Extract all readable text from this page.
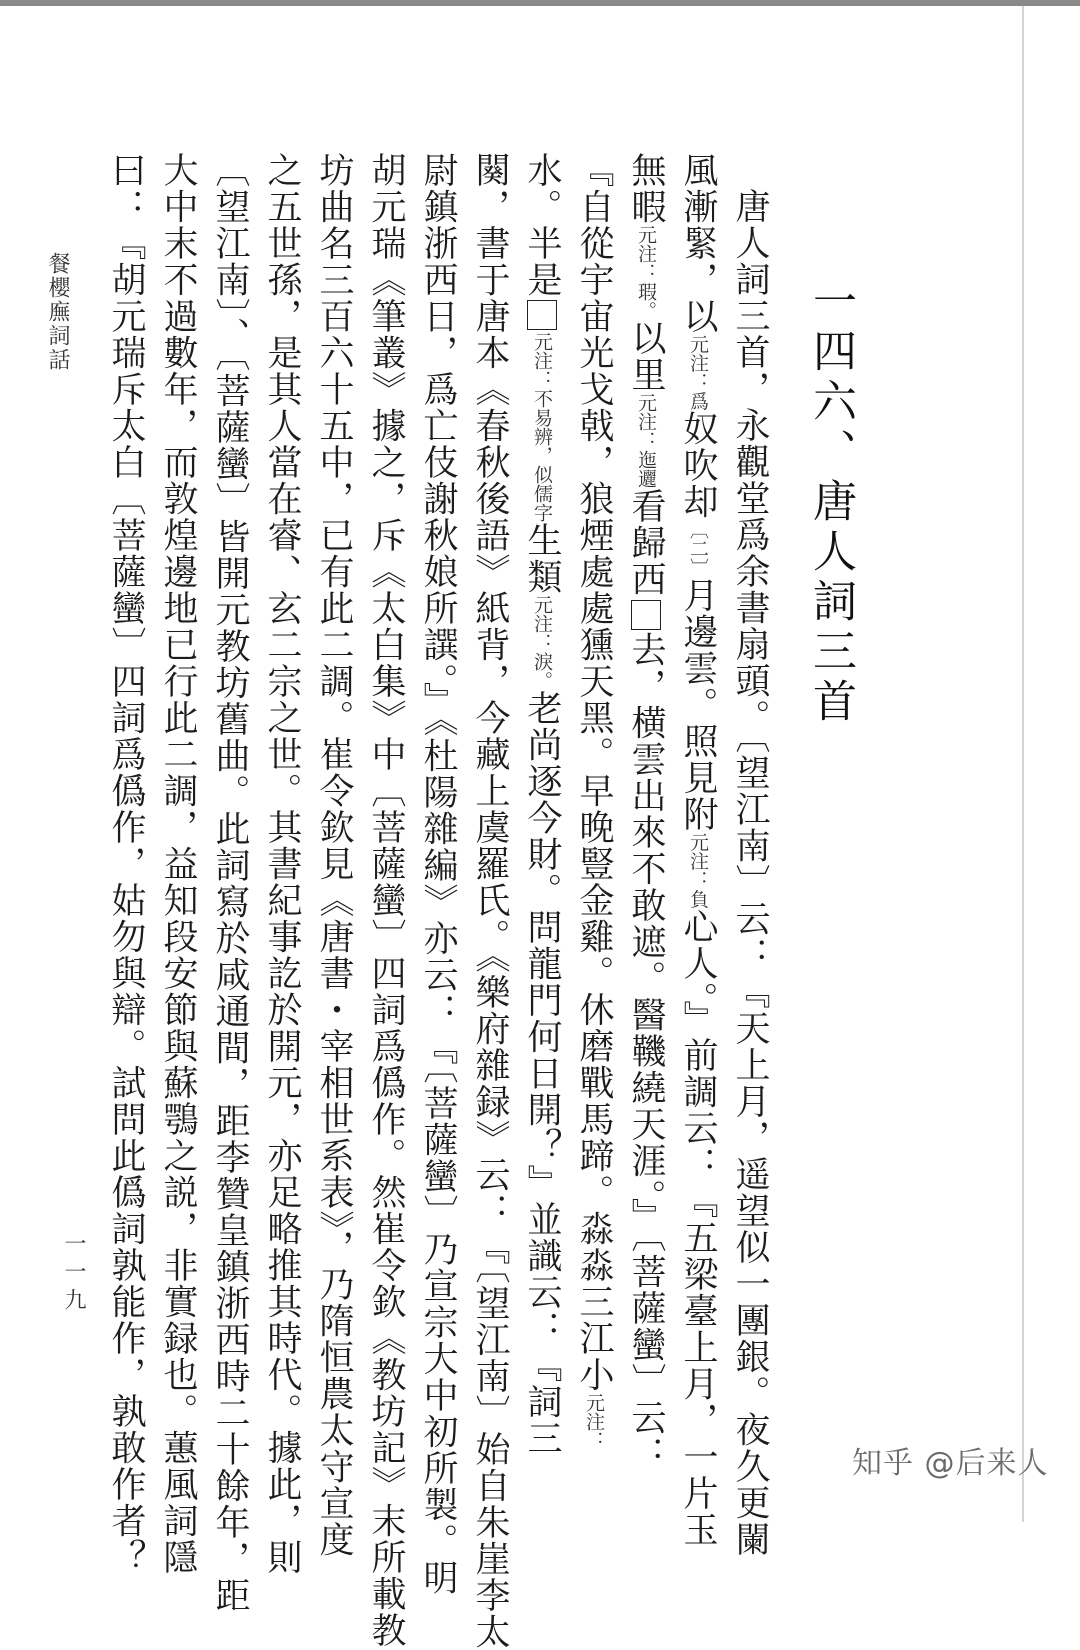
一四六、唐人詞三首
唐人詞三首，永觀堂爲余書扇頭。〔望江南〕云：『天上月，遥望似一團銀。夜久更闌
風漸緊，以元注：爲奴吹却〔二〕月邊雲。照見附元注：負心人。』前調云：『五梁臺上月，一片玉
無暇元注：瑕。以里元注：迤邐看歸西去，横雲出來不敢遮。醫鞿繞天涯。』〔菩薩蠻〕云：
『自從宇宙光戈戟，狼煙處處獯天黑。早晚豎金雞。休磨戰馬蹄。淼淼三江小元注：
水。半是元注：不易辨，似儒字生類元注：淚。老尚逐今財。問龍門何日開？』並識云：『詞三
闋，書于唐本《春秋後語》紙背，今藏上虞羅氏。《樂府雜録》云：『〔望江南〕始自朱崖李太
尉鎮浙西日，爲亡伎謝秋娘所譔。』《杜陽雜編》亦云：『〔菩薩蠻〕乃宣宗大中初所製。明
胡元瑞《筆叢》據之，斥《太白集》中〔菩薩蠻〕四詞爲僞作。然崔令欽《教坊記》末所載教
坊曲名三百六十五中，已有此二調。崔令欽見《唐書・宰相世系表》，乃隋恒農太守宣度
之五世孫，是其人當在睿、玄二宗之世。其書紀事訖於開元，亦足略推其時代。據此，則
〔望江南〕、〔菩薩蠻〕皆開元教坊舊曲。此詞寫於咸通間，距李贊皇鎮浙西時二十餘年，距
大中末不過數年，而敦煌邊地已行此二調，益知段安節與蘇鶚之説，非實録也。蕙風詞隱
曰：『胡元瑞斥太白〔菩薩蠻〕四詞爲僞作，姑勿與辯。試問此僞詞孰能作，孰敢作者？
餐櫻廡詞話
一一九
知乎 @后来人
